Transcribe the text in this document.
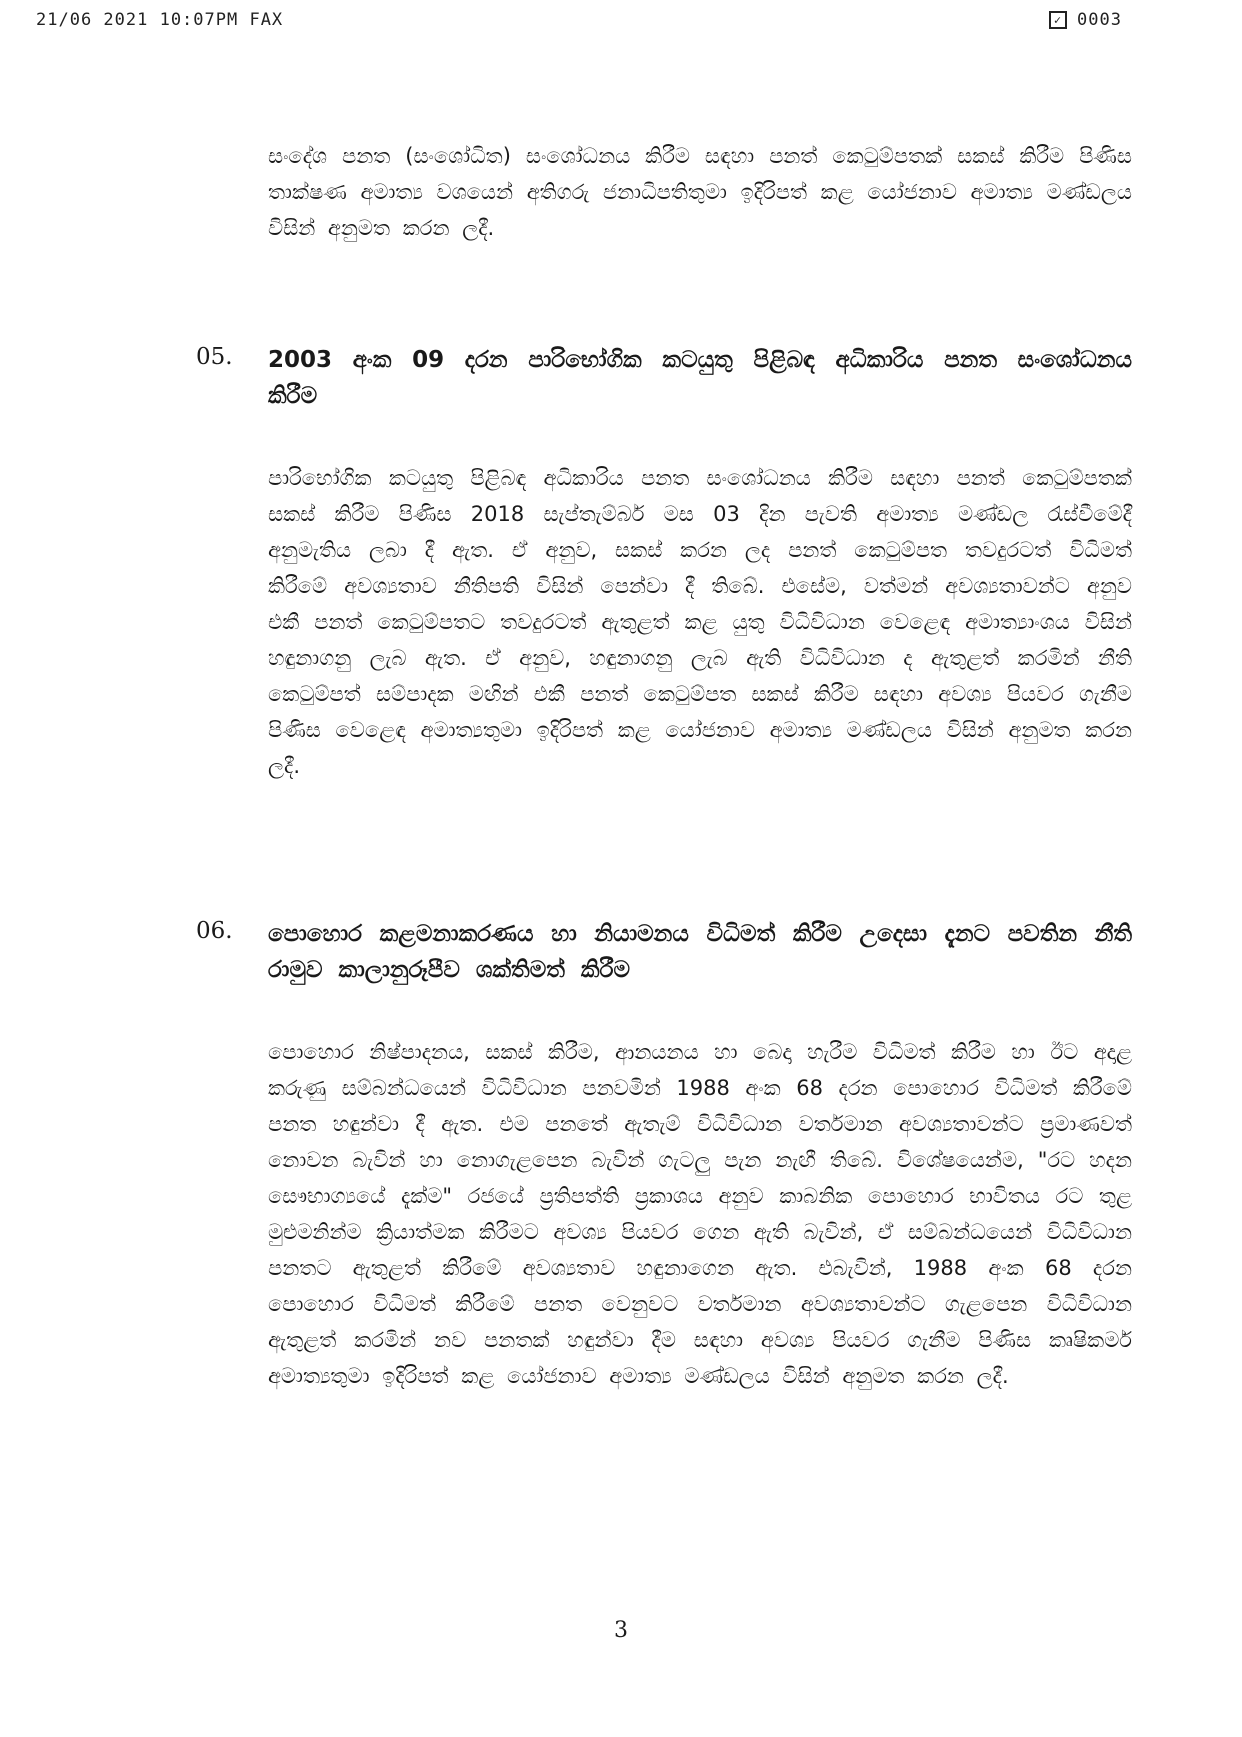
21/06 2021 10:07PM FAX	✓ 0003

සංදේශ පනත (සංශෝධිත) සංශෝධනය කිරීම සඳහා පනත් කෙටුම්පතක් සකස් කිරීම පිණිස තාක්ෂණ අමාත්‍ය වශයෙන් අතිගරු ජනාධිපතිතුමා ඉදිරිපත් කළ යෝජනාව අමාත්‍ය මණ්ඩලය විසින් අනුමත කරන ලදී.

05. 2003 අංක 09 දරන පාරිභෝගික කටයුතු පිළිබඳ අධිකාරිය පනත සංශෝධනය කිරීම

පාරිභෝගික කටයුතු පිළිබඳ අධිකාරිය පනත සංශෝධනය කිරීම සඳහා පනත් කෙටුම්පතක් සකස් කිරීම පිණිස 2018 සැප්තැම්බර් මස 03 දින පැවති අමාත්‍ය මණ්ඩල රැස්වීමේදී අනුමැතිය ලබා දී ඇත. ඒ අනුව, සකස් කරන ලද පනත් කෙටුම්පත තවදුරටත් විධිමත් කිරීමේ අවශ්‍යතාව නීතිපති විසින් පෙන්වා දී තිබේ. එසේම, වත්මන් අවශ්‍යතාවන්ට අනුව එකී පනත් කෙටුම්පතට තවදුරටත් ඇතුළත් කළ යුතු විධිවිධාන වෙළෙඳ අමාත්‍යාංශය විසින් හඳුනාගනු ලැබ ඇත. ඒ අනුව, හඳුනාගනු ලැබ ඇති විධිවිධාන ද ඇතුළත් කරමින් නීති කෙටුම්පත් සම්පාදක මඟින් එකී පනත් කෙටුම්පත සකස් කිරීම සඳහා අවශ්‍ය පියවර ගැනීම පිණිස වෙළෙඳ අමාත්‍යතුමා ඉදිරිපත් කළ යෝජනාව අමාත්‍ය මණ්ඩලය විසින් අනුමත කරන ලදී.

06. පොහොර කළමනාකරණය හා නියාමනය විධිමත් කිරීම උදෙසා දැනට පවතින නීති රාමුව කාලානුරූපීව ශක්තිමත් කිරීම

පොහොර නිෂ්පාදනය, සකස් කිරීම, ආනයනය හා බෙදා හැරීම විධිමත් කිරීම හා ඊට අදාළ කරුණු සම්බන්ධයෙන් විධිවිධාන පනවමින් 1988 අංක 68 දරන පොහොර විධිමත් කිරීමේ පනත හඳුන්වා දී ඇත. එම පනතේ ඇතැම් විධිවිධාන වර්තමාන අවශ්‍යතාවන්ට ප්‍රමාණවත් නොවන බැවින් හා නොගැළපෙන බැවින් ගැටලු පැන නැඟී තිබේ. විශේෂයෙන්ම, "රට හදන සෞභාග්‍යයේ දැක්ම" රජයේ ප්‍රතිපත්ති ප්‍රකාශය අනුව කාබනික පොහොර භාවිතය රට තුළ මුළුමනින්ම ක්‍රියාත්මක කිරීමට අවශ්‍ය පියවර ගෙන ඇති බැවින්, ඒ සම්බන්ධයෙන් විධිවිධාන පනතට ඇතුළත් කිරීමේ අවශ්‍යතාව හඳුනාගෙන ඇත. එබැවින්, 1988 අංක 68 දරන පොහොර විධිමත් කිරීමේ පනත වෙනුවට වර්තමාන අවශ්‍යතාවන්ට ගැළපෙන විධිවිධාන ඇතුළත් කරමින් නව පනතක් හඳුන්වා දීම සඳහා අවශ්‍ය පියවර ගැනීම පිණිස කෘෂිකර්ම අමාත්‍යතුමා ඉදිරිපත් කළ යෝජනාව අමාත්‍ය මණ්ඩලය විසින් අනුමත කරන ලදී.

3
